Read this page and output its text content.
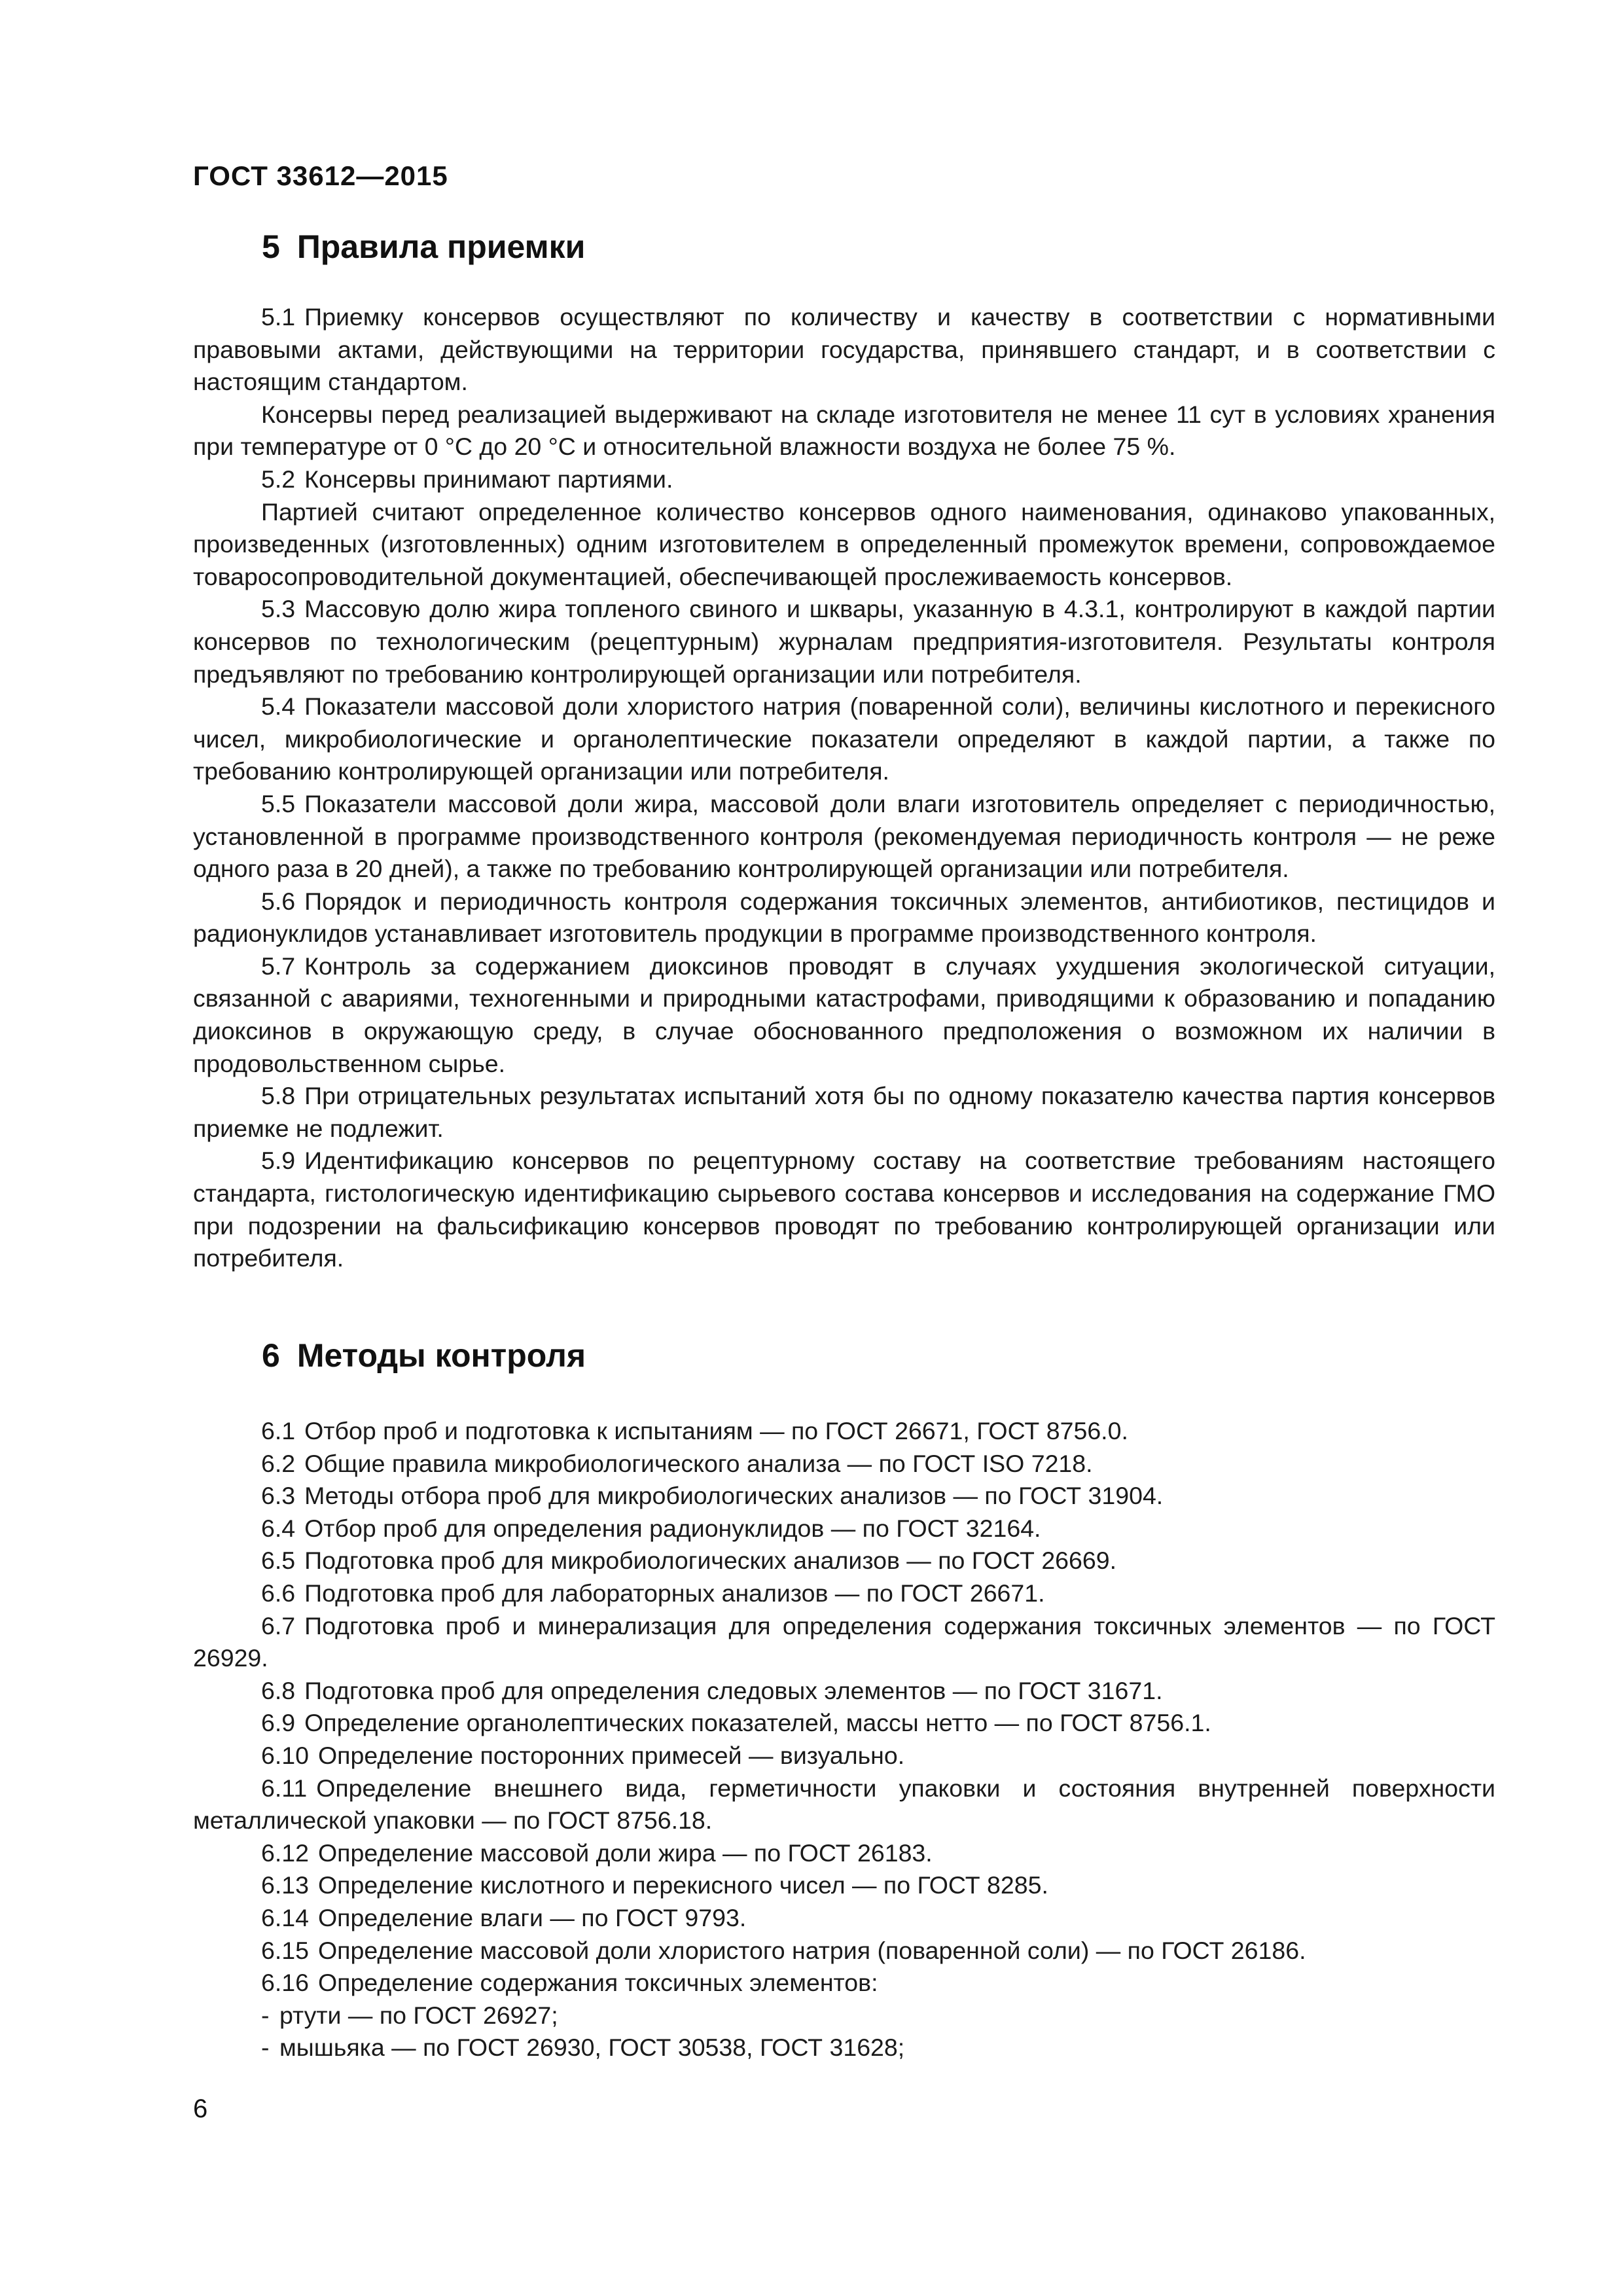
ГОСТ 33612—2015
5 Правила приемки

5.1 Приемку консервов осуществляют по количеству и качеству в соответствии с нормативными правовыми актами, действующими на территории государства, принявшего стандарт, и в соответствии с настоящим стандартом.

Консервы перед реализацией выдерживают на складе изготовителя не менее 11 сут в условиях хранения при температуре от 0 °С до 20 °С и относительной влажности воздуха не более 75 %.

5.2 Консервы принимают партиями.

Партией считают определенное количество консервов одного наименования, одинаково упакованных, произведенных (изготовленных) одним изготовителем в определенный промежуток времени, сопровождаемое товаросопроводительной документацией, обеспечивающей прослеживаемость консервов.

5.3 Массовую долю жира топленого свиного и шквары, указанную в 4.3.1, контролируют в каждой партии консервов по технологическим (рецептурным) журналам предприятия-изготовителя. Результаты контроля предъявляют по требованию контролирующей организации или потребителя.

5.4 Показатели массовой доли хлористого натрия (поваренной соли), величины кислотного и перекисного чисел, микробиологические и органолептические показатели определяют в каждой партии, а также по требованию контролирующей организации или потребителя.

5.5 Показатели массовой доли жира, массовой доли влаги изготовитель определяет с периодичностью, установленной в программе производственного контроля (рекомендуемая периодичность контроля — не реже одного раза в 20 дней), а также по требованию контролирующей организации или потребителя.

5.6 Порядок и периодичность контроля содержания токсичных элементов, антибиотиков, пестицидов и радионуклидов устанавливает изготовитель продукции в программе производственного контроля.

5.7 Контроль за содержанием диоксинов проводят в случаях ухудшения экологической ситуации, связанной с авариями, техногенными и природными катастрофами, приводящими к образованию и попаданию диоксинов в окружающую среду, в случае обоснованного предположения о возможном их наличии в продовольственном сырье.

5.8 При отрицательных результатах испытаний хотя бы по одному показателю качества партия консервов приемке не подлежит.

5.9 Идентификацию консервов по рецептурному составу на соответствие требованиям настоящего стандарта, гистологическую идентификацию сырьевого состава консервов и исследования на содержание ГМО при подозрении на фальсификацию консервов проводят по требованию контролирующей организации или потребителя.

6 Методы контроля

6.1 Отбор проб и подготовка к испытаниям — по ГОСТ 26671, ГОСТ 8756.0.

6.2 Общие правила микробиологического анализа — по ГОСТ ISO 7218.

6.3 Методы отбора проб для микробиологических анализов — по ГОСТ 31904.

6.4 Отбор проб для определения радионуклидов — по ГОСТ 32164.

6.5 Подготовка проб для микробиологических анализов — по ГОСТ 26669.

6.6 Подготовка проб для лабораторных анализов — по ГОСТ 26671.

6.7 Подготовка проб и минерализация для определения содержания токсичных элементов — по ГОСТ 26929.

6.8 Подготовка проб для определения следовых элементов — по ГОСТ 31671.

6.9 Определение органолептических показателей, массы нетто — по ГОСТ 8756.1.

6.10 Определение посторонних примесей — визуально.

6.11 Определение внешнего вида, герметичности упаковки и состояния внутренней поверхности металлической упаковки — по ГОСТ 8756.18.

6.12 Определение массовой доли жира — по ГОСТ 26183.

6.13 Определение кислотного и перекисного чисел — по ГОСТ 8285.

6.14 Определение влаги — по ГОСТ 9793.

6.15 Определение массовой доли хлористого натрия (поваренной соли) — по ГОСТ 26186.

6.16 Определение содержания токсичных элементов:

- ртути — по ГОСТ 26927;

- мышьяка — по ГОСТ 26930, ГОСТ 30538, ГОСТ 31628;

6
